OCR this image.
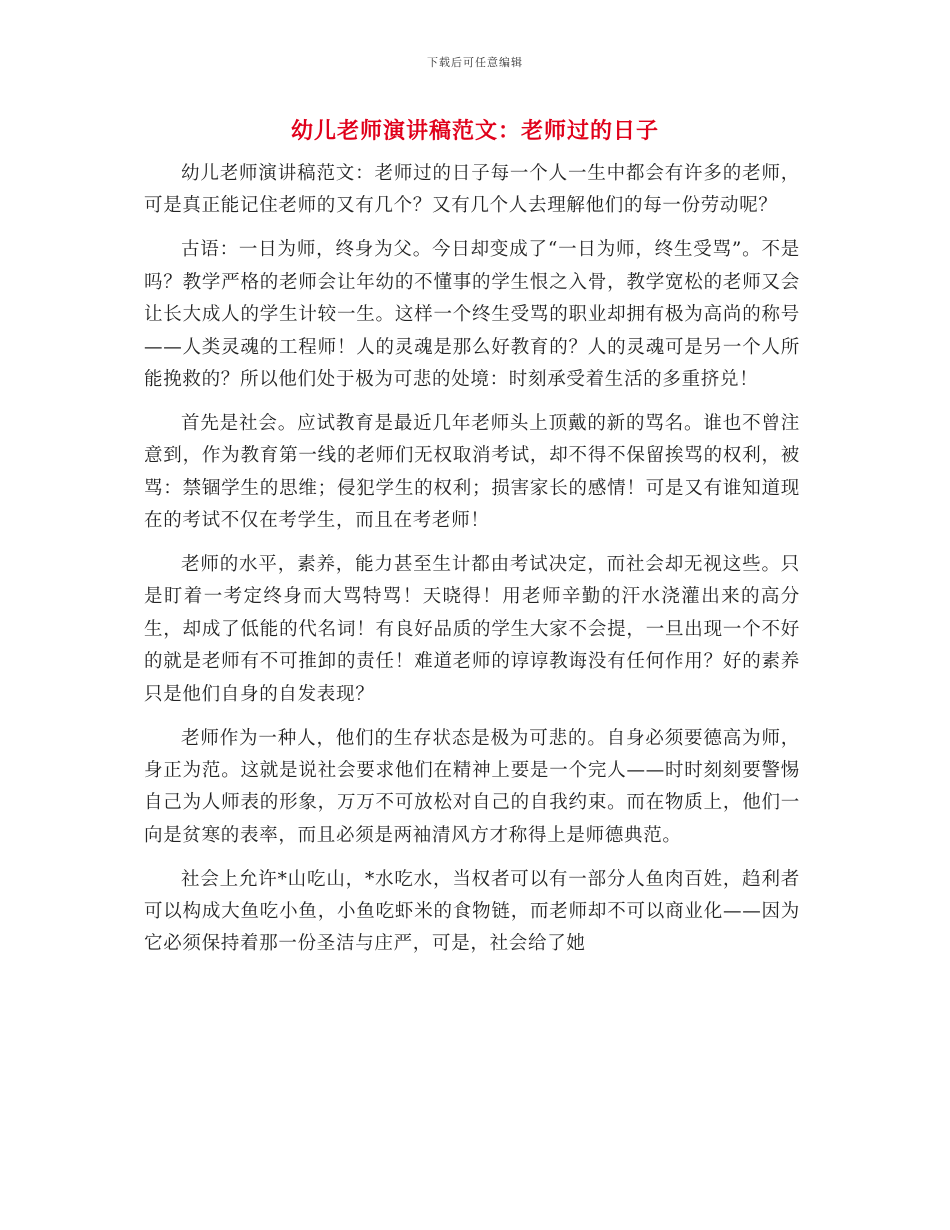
下载后可任意编辑
幼儿老师演讲稿范文：老师过的日子

幼儿老师演讲稿范文：老师过的日子每一个人一生中都会有许多的老师，可是真正能记住老师的又有几个？又有几个人去理解他们的每一份劳动呢？

古语：一日为师，终身为父。今日却变成了“一日为师，终生受骂”。不是吗？教学严格的老师会让年幼的不懂事的学生恨之入骨，教学宽松的老师又会让长大成人的学生计较一生。这样一个终生受骂的职业却拥有极为高尚的称号——人类灵魂的工程师！人的灵魂是那么好教育的？人的灵魂可是另一个人所能挽救的？所以他们处于极为可悲的处境：时刻承受着生活的多重挤兑！

首先是社会。应试教育是最近几年老师头上顶戴的新的骂名。谁也不曾注意到，作为教育第一线的老师们无权取消考试，却不得不保留挨骂的权利，被骂：禁锢学生的思维；侵犯学生的权利；损害家长的感情！可是又有谁知道现在的考试不仅在考学生，而且在考老师！

老师的水平，素养，能力甚至生计都由考试决定，而社会却无视这些。只是盯着一考定终身而大骂特骂！天晓得！用老师辛勤的汗水浇灌出来的高分生，却成了低能的代名词！有良好品质的学生大家不会提，一旦出现一个不好的就是老师有不可推卸的责任！难道老师的谆谆教诲没有任何作用？好的素养只是他们自身的自发表现？

老师作为一种人，他们的生存状态是极为可悲的。自身必须要德高为师，身正为范。这就是说社会要求他们在精神上要是一个完人——时时刻刻要警惕自己为人师表的形象，万万不可放松对自己的自我约束。而在物质上，他们一向是贫寒的表率，而且必须是两袖清风方才称得上是师德典范。

社会上允许*山吃山，*水吃水，当权者可以有一部分人鱼肉百姓，趋利者可以构成大鱼吃小鱼，小鱼吃虾米的食物链，而老师却不可以商业化——因为它必须保持着那一份圣洁与庄严，可是，社会给了她
